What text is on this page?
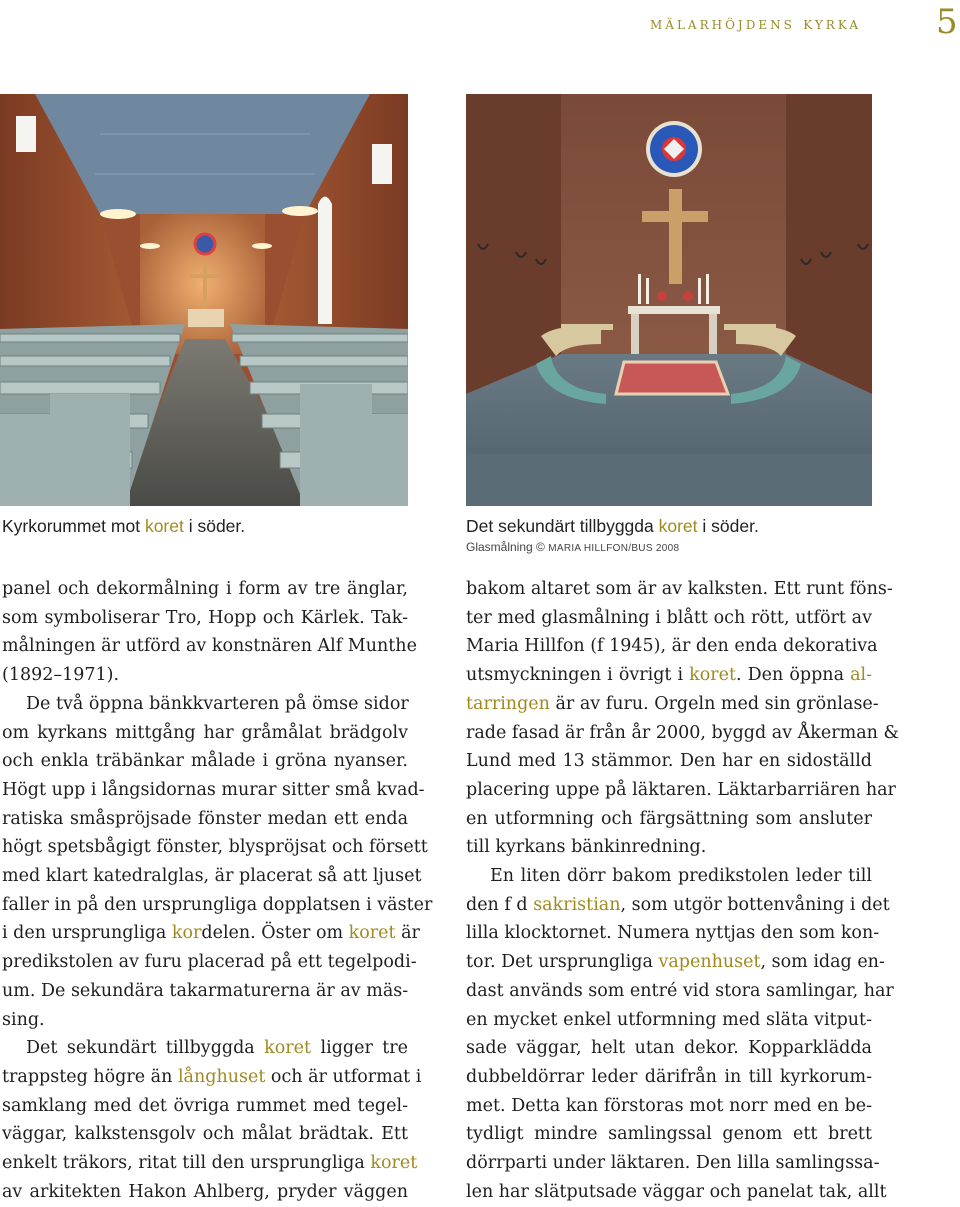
mälarhöjdens kyrka 5
Kyrkorummet mot koret i söder.	Det sekundärt tillbyggda koret i söder.
Glasmålning © MARIA HILLFON/BUS 2008
panel och dekormålning i form av tre änglar,
som symboliserar Tro, Hopp och Kärlek. Tak-
målningen är utförd av konstnären Alf Munthe
(1892–1971).
De två öppna bänkkvarteren på ömse sidor
om kyrkans mittgång har gråmålat brädgolv
och enkla träbänkar målade i gröna nyanser.
Högt upp i långsidornas murar sitter små kvad-
ratiska småspröjsade fönster medan ett enda
högt spetsbågigt fönster, blyspröjsat och försett
med klart katedralglas, är placerat så att ljuset
faller in på den ursprungliga dopplatsen i väster
i den ursprungliga kordelen. Öster om koret är
predikstolen av furu placerad på ett tegelpodi-
um. De sekundära takarmaturerna är av mäs-
sing.
Det sekundärt tillbyggda koret ligger tre
trappsteg högre än långhuset och är utformat i
samklang med det övriga rummet med tegel-
väggar, kalkstensgolv och målat brädtak. Ett
enkelt träkors, ritat till den ursprungliga koret
av arkitekten Hakon Ahlberg, pryder väggen
bakom altaret som är av kalksten. Ett runt föns-
ter med glasmålning i blått och rött, utfört av
Maria Hillfon (f 1945), är den enda dekorativa
utsmyckningen i övrigt i koret. Den öppna al-
tarringen är av furu. Orgeln med sin grönlase-
rade fasad är från år 2000, byggd av Åkerman &
Lund med 13 stämmor. Den har en sidoställd
placering uppe på läktaren. Läktarbarriären har
en utformning och färgsättning som ansluter
till kyrkans bänkinredning.
En liten dörr bakom predikstolen leder till
den f d sakristian, som utgör bottenvåning i det
lilla klocktornet. Numera nyttjas den som kon-
tor. Det ursprungliga vapenhuset, som idag en-
dast används som entré vid stora samlingar, har
en mycket enkel utformning med släta vitput-
sade väggar, helt utan dekor. Kopparklädda
dubbeldörrar leder därifrån in till kyrkorum-
met. Detta kan förstoras mot norr med en be-
tydligt mindre samlingssal genom ett brett
dörrparti under läktaren. Den lilla samlingssa-
len har slätputsade väggar och panelat tak, allt
